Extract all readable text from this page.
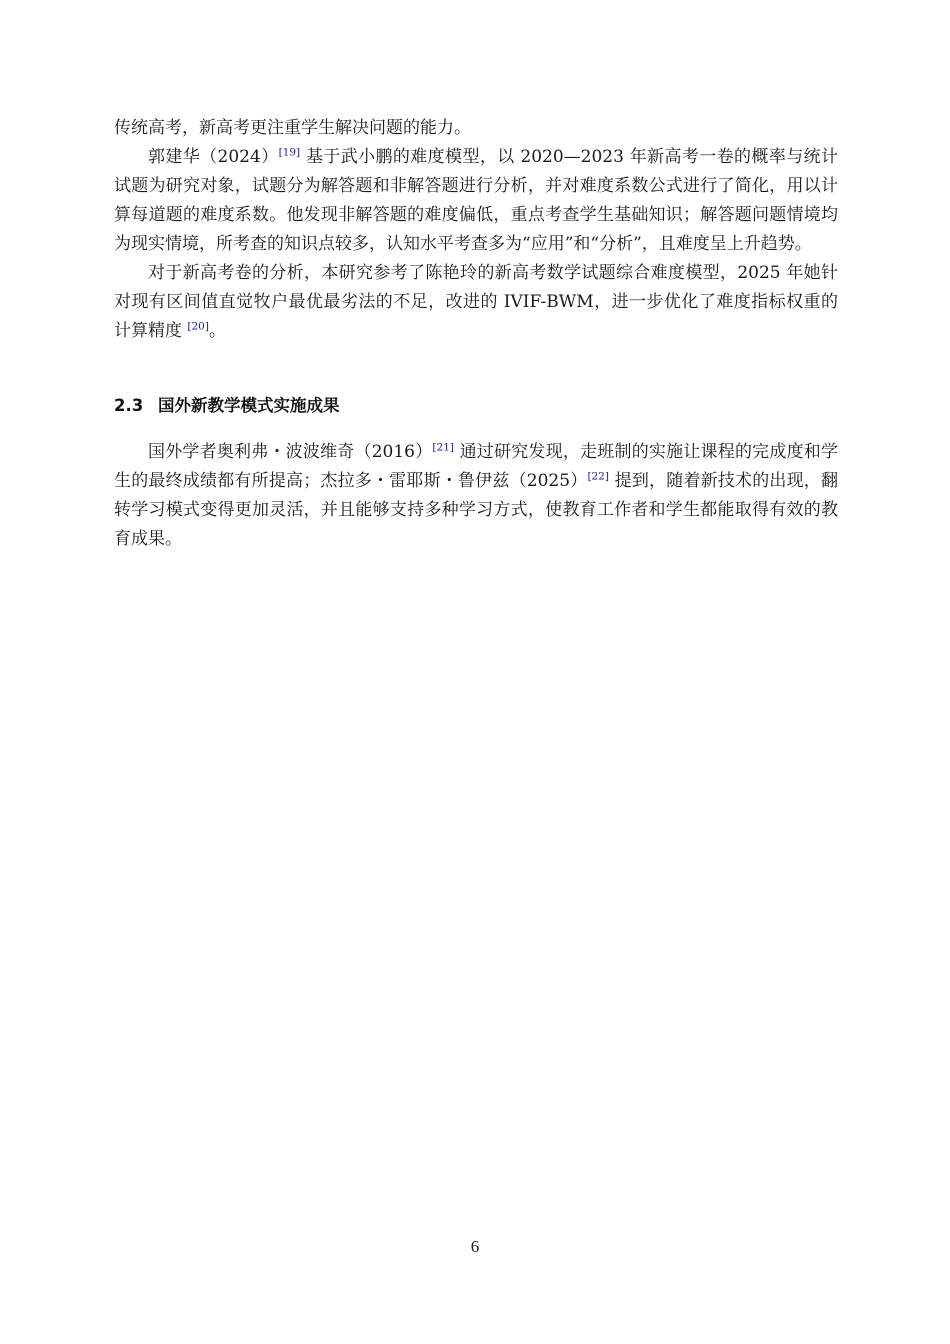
传统高考，新高考更注重学生解决问题的能力。

郭建华（2024）[19] 基于武小鹏的难度模型，以 2020—2023 年新高考一卷的概率与统计试题为研究对象，试题分为解答题和非解答题进行分析，并对难度系数公式进行了简化，用以计算每道题的难度系数。他发现非解答题的难度偏低，重点考查学生基础知识；解答题问题情境均为现实情境，所考查的知识点较多，认知水平考查多为“应用”和“分析”，且难度呈上升趋势。

对于新高考卷的分析，本研究参考了陈艳玲的新高考数学试题综合难度模型，2025 年她针对现有区间值直觉牧户最优最劣法的不足，改进的 IVIF-BWM，进一步优化了难度指标权重的计算精度 [20]。

2.3 国外新教学模式实施成果

国外学者奥利弗・波波维奇（2016）[21] 通过研究发现，走班制的实施让课程的完成度和学生的最终成绩都有所提高；杰拉多・雷耶斯・鲁伊兹（2025）[22] 提到，随着新技术的出现，翻转学习模式变得更加灵活，并且能够支持多种学习方式，使教育工作者和学生都能取得有效的教育成果。

6
